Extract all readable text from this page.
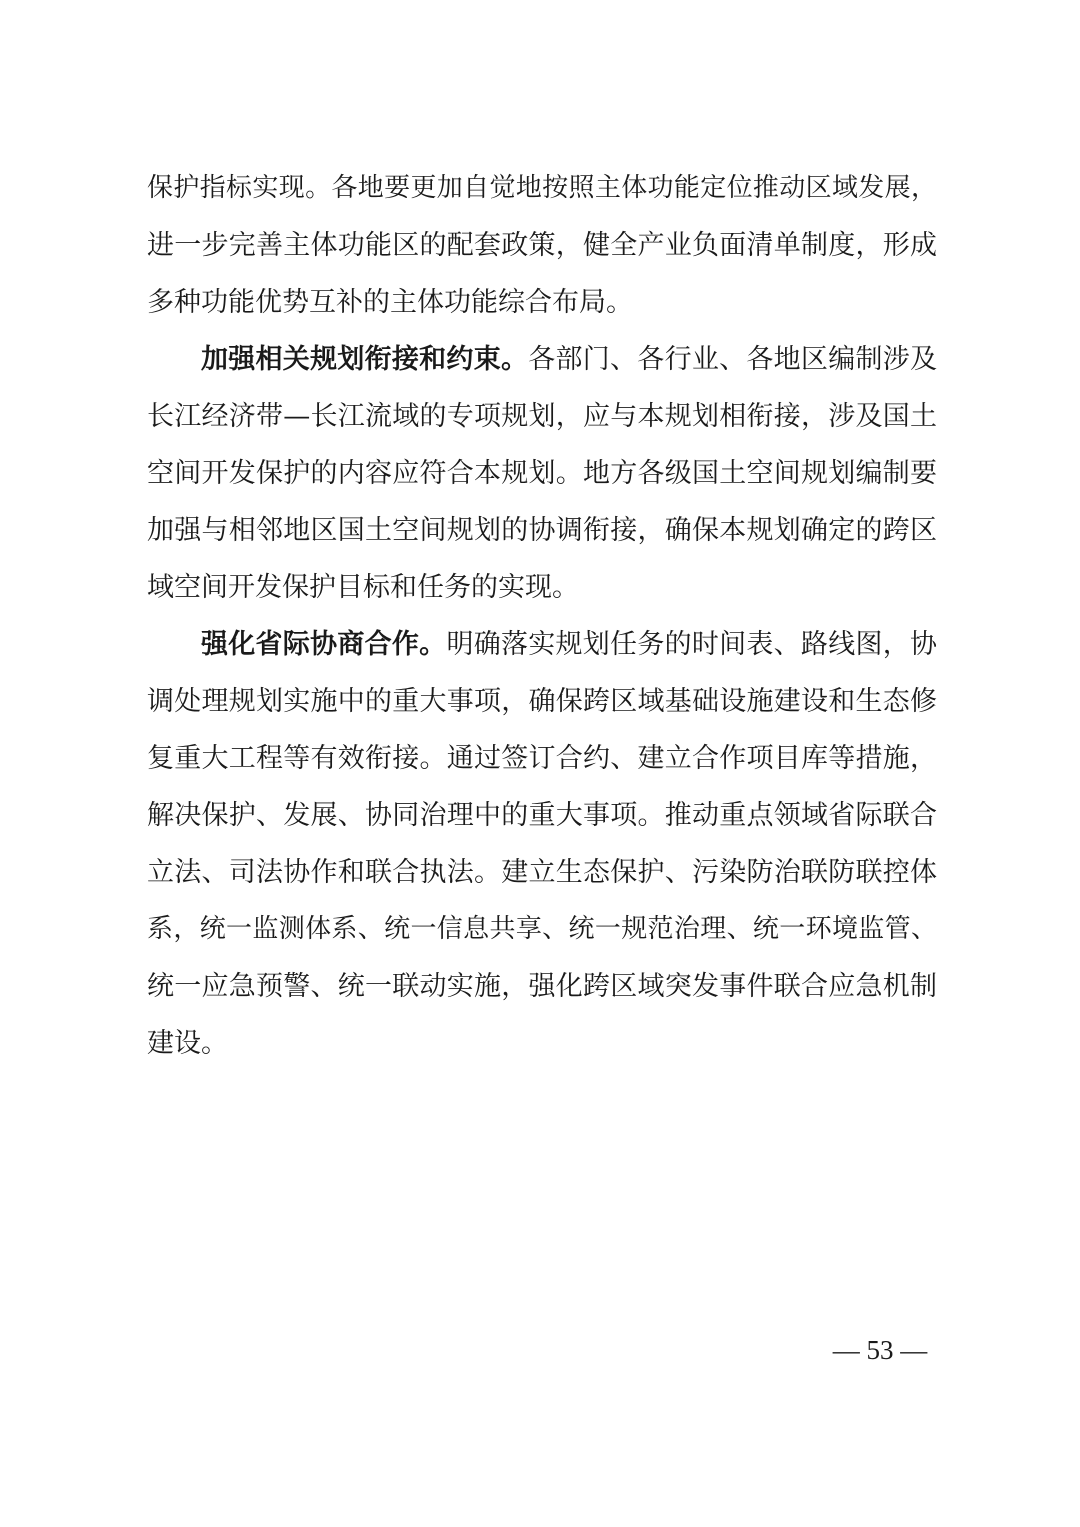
保护指标实现。各地要更加自觉地按照主体功能定位推动区域发展，
进一步完善主体功能区的配套政策，健全产业负面清单制度，形成
多种功能优势互补的主体功能综合布局。
加强相关规划衔接和约束。各部门、各行业、各地区编制涉及
长江经济带—长江流域的专项规划，应与本规划相衔接，涉及国土
空间开发保护的内容应符合本规划。地方各级国土空间规划编制要
加强与相邻地区国土空间规划的协调衔接，确保本规划确定的跨区
域空间开发保护目标和任务的实现。
强化省际协商合作。明确落实规划任务的时间表、路线图，协
调处理规划实施中的重大事项，确保跨区域基础设施建设和生态修
复重大工程等有效衔接。通过签订合约、建立合作项目库等措施，
解决保护、发展、协同治理中的重大事项。推动重点领域省际联合
立法、司法协作和联合执法。建立生态保护、污染防治联防联控体
系，统一监测体系、统一信息共享、统一规范治理、统一环境监管、
统一应急预警、统一联动实施，强化跨区域突发事件联合应急机制
建设。
— 53 —
